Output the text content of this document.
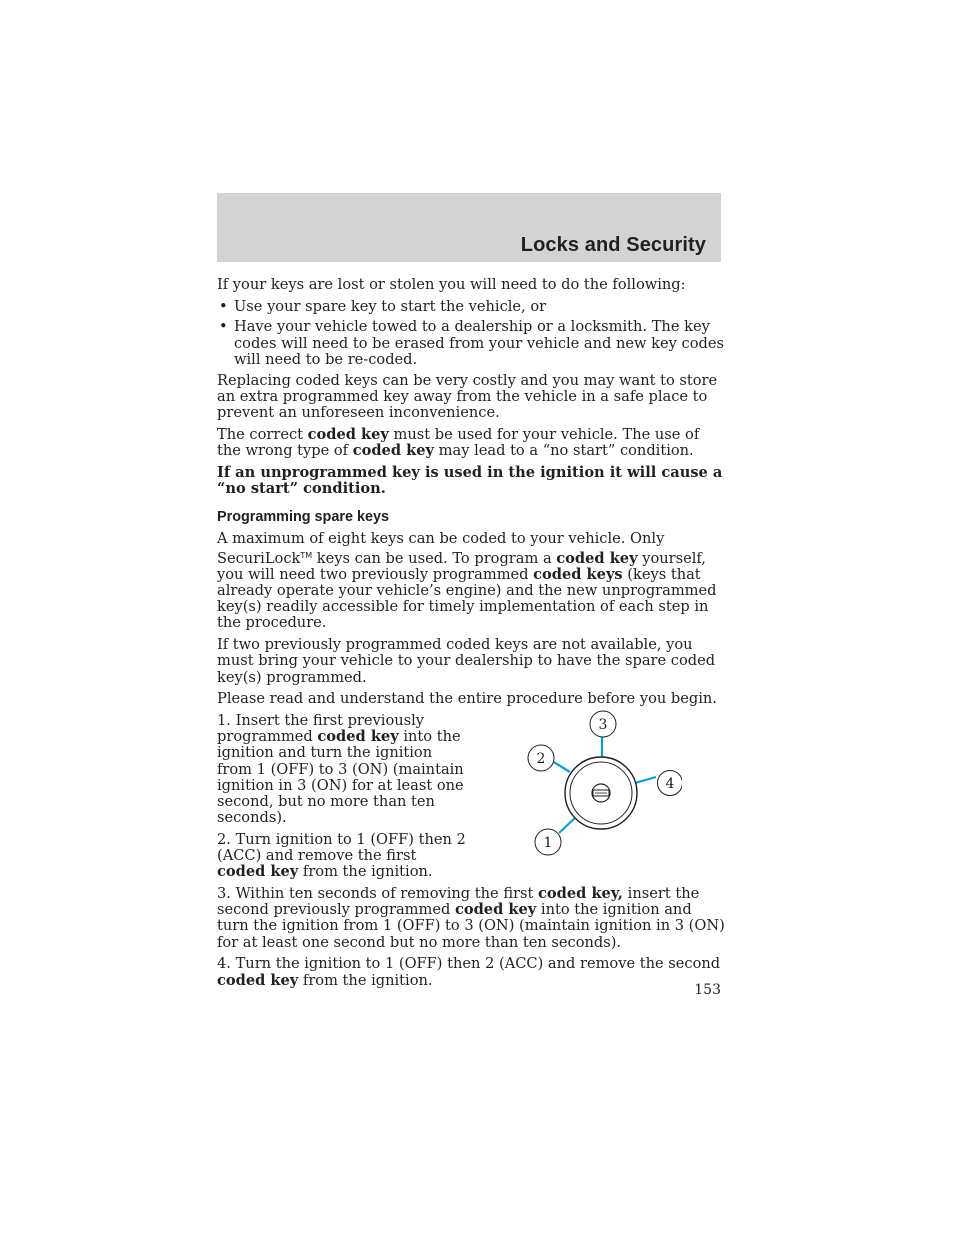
Locks and Security

If your keys are lost or stolen you will need to do the following:

• Use your spare key to start the vehicle, or
• Have your vehicle towed to a dealership or a locksmith. The key codes will need to be erased from your vehicle and new key codes will need to be re-coded.

Replacing coded keys can be very costly and you may want to store an extra programmed key away from the vehicle in a safe place to prevent an unforeseen inconvenience.

The correct coded key must be used for your vehicle. The use of the wrong type of coded key may lead to a “no start” condition.

If an unprogrammed key is used in the ignition it will cause a “no start” condition.

Programming spare keys

A maximum of eight keys can be coded to your vehicle. Only SecuriLock™ keys can be used. To program a coded key yourself, you will need two previously programmed coded keys (keys that already operate your vehicle’s engine) and the new unprogrammed key(s) readily accessible for timely implementation of each step in the procedure.

If two previously programmed coded keys are not available, you must bring your vehicle to your dealership to have the spare coded key(s) programmed.

Please read and understand the entire procedure before you begin.

3
2
4
1

1. Insert the first previously programmed coded key into the ignition and turn the ignition from 1 (OFF) to 3 (ON) (maintain ignition in 3 (ON) for at least one second, but no more than ten seconds).

2. Turn ignition to 1 (OFF) then 2 (ACC) and remove the first coded key from the ignition.

3. Within ten seconds of removing the first coded key, insert the second previously programmed coded key into the ignition and turn the ignition from 1 (OFF) to 3 (ON) (maintain ignition in 3 (ON) for at least one second but no more than ten seconds).

4. Turn the ignition to 1 (OFF) then 2 (ACC) and remove the second coded key from the ignition.

153
